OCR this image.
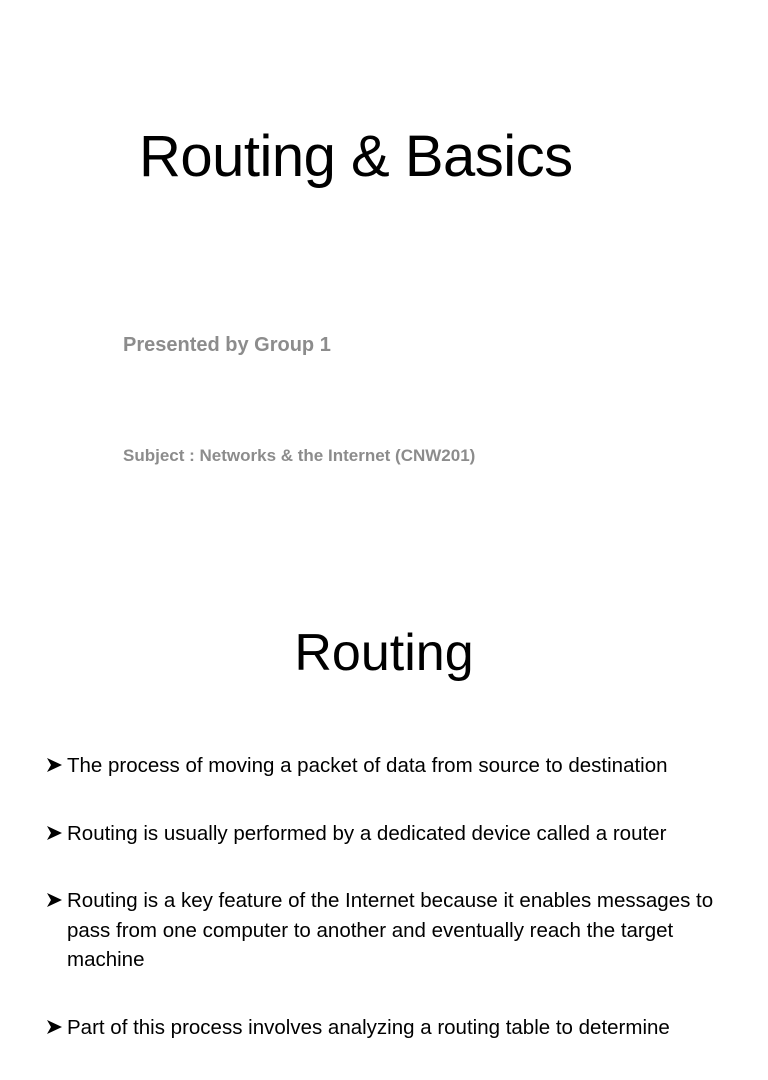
Routing & Basics
Presented by Group 1
Subject : Networks & the Internet (CNW201)
Routing
The process of moving a packet of data from source to destination
Routing is usually performed by a dedicated device called a router
Routing is a key feature of the Internet because it enables messages to pass from one computer to another and eventually reach the target machine
Part of this process involves analyzing a routing table to determine
